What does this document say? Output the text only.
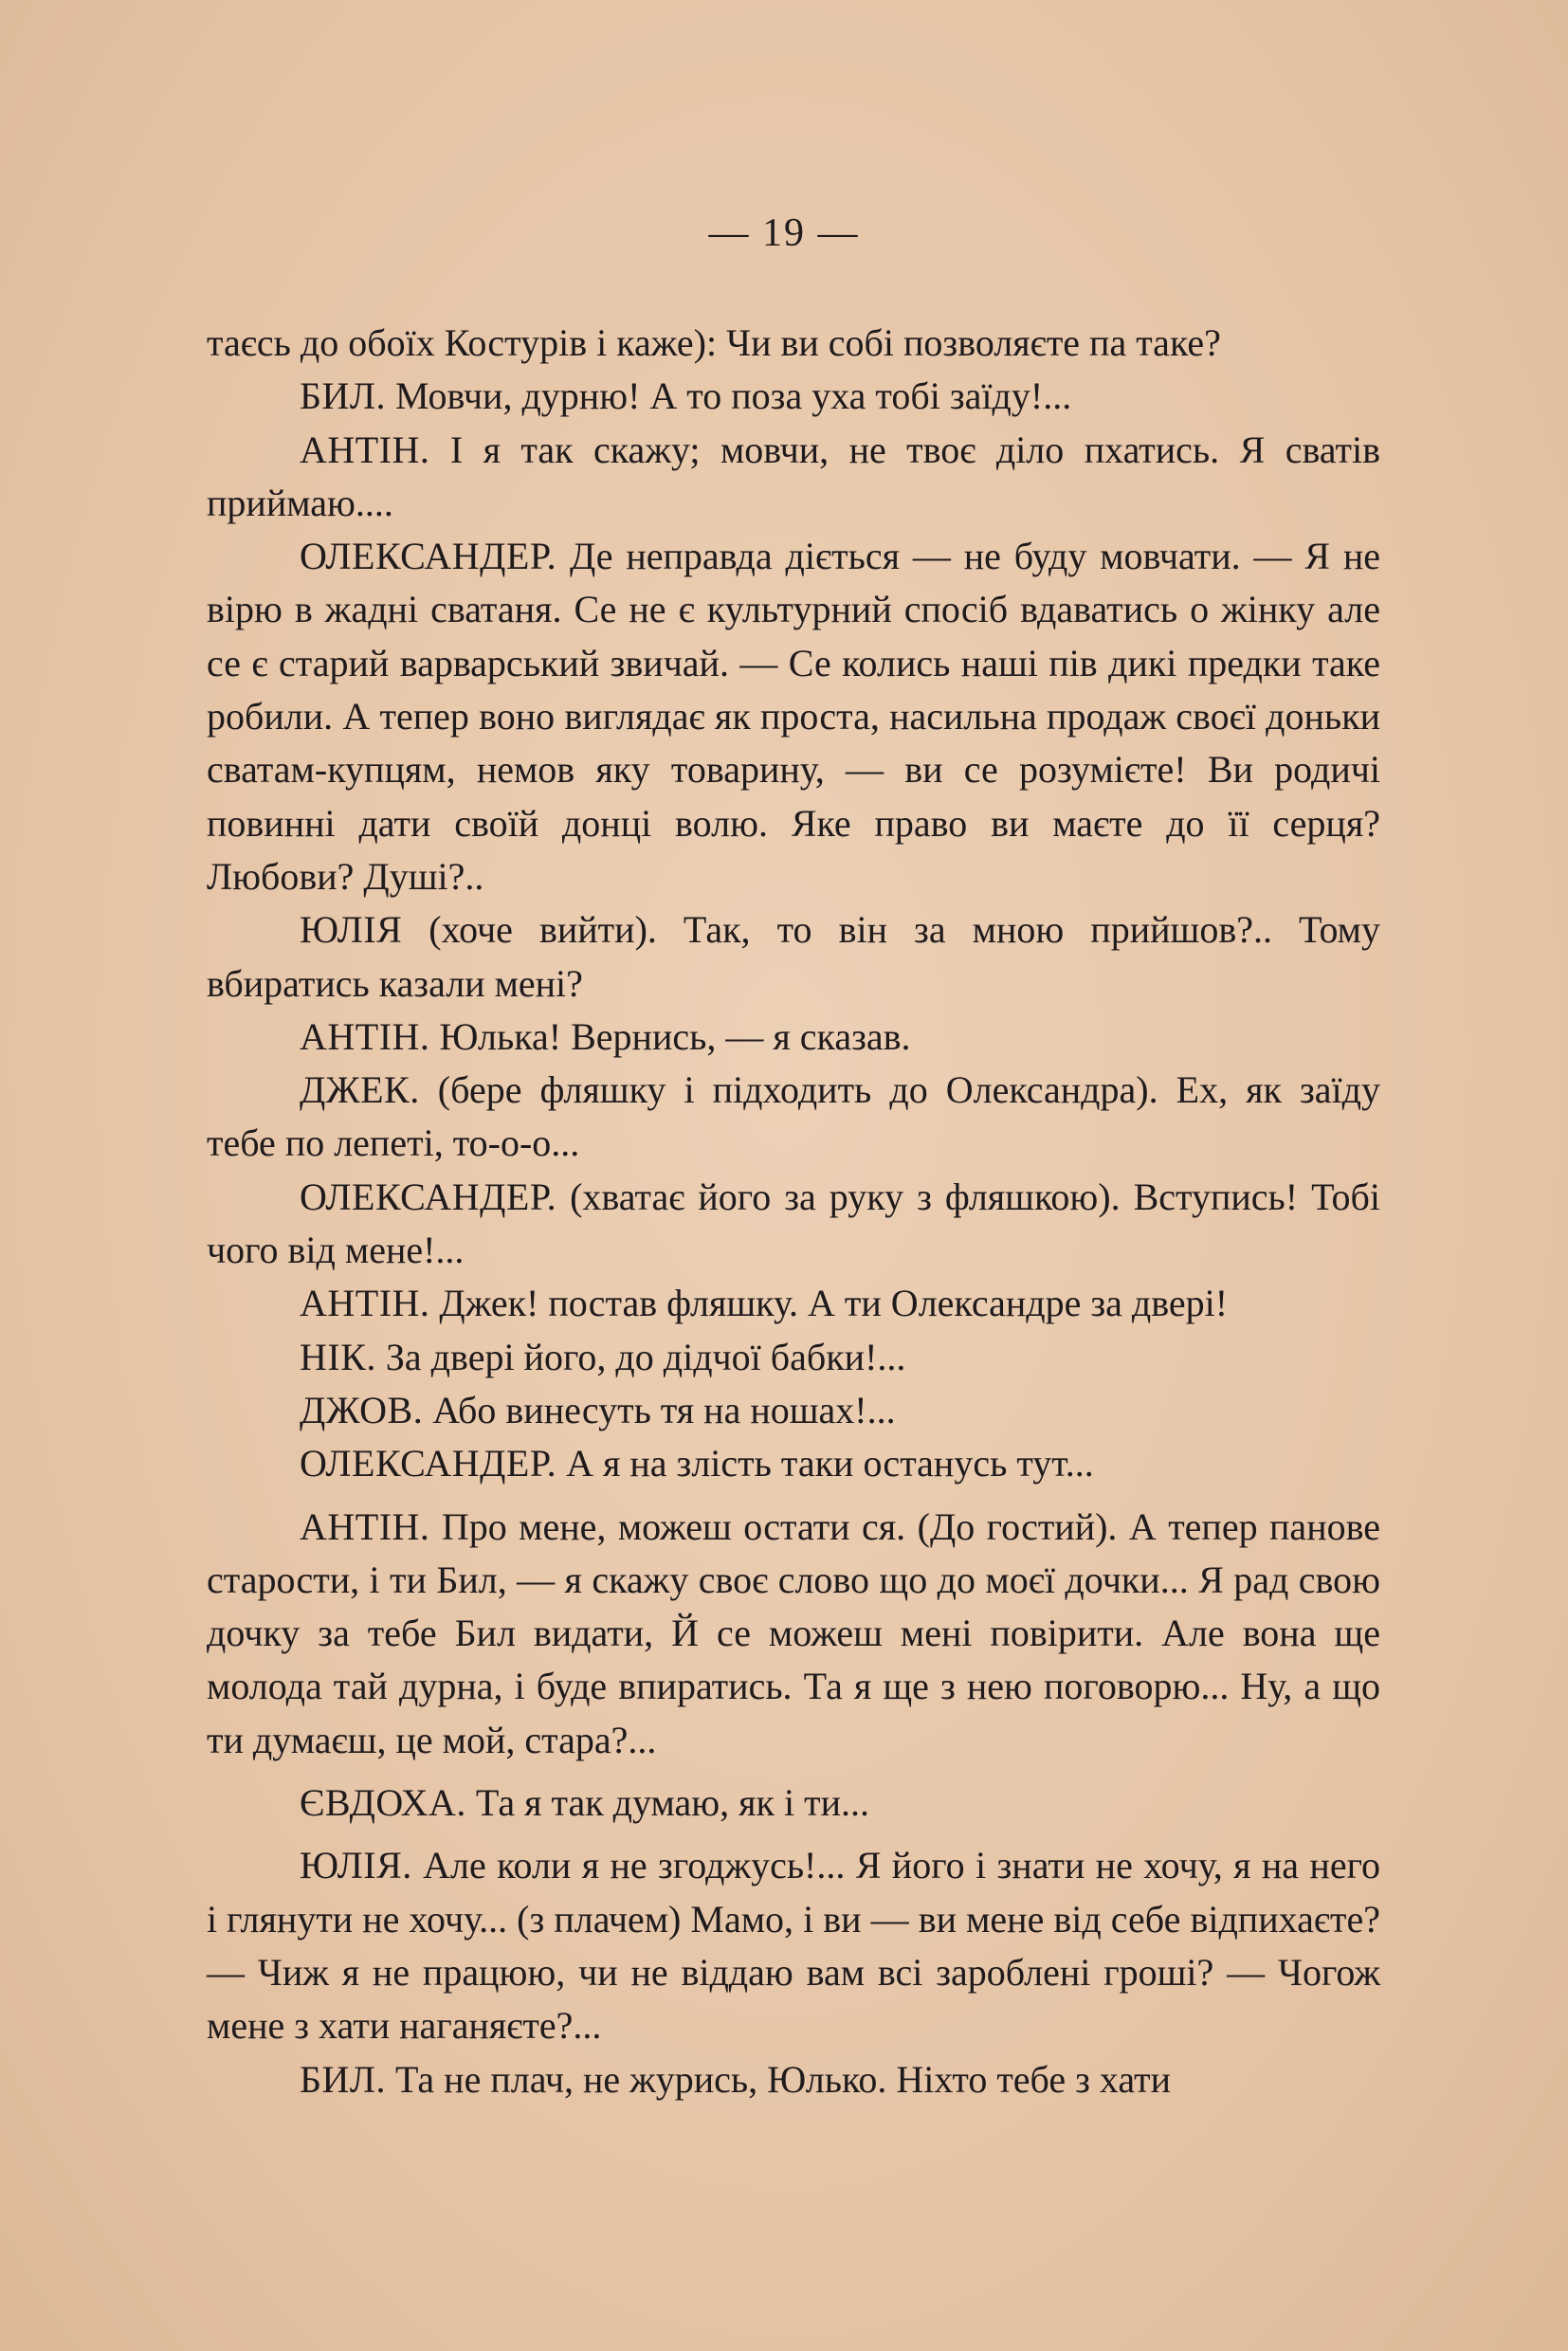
— 19 —

таєсь до обоїх Костурів і каже): Чи ви собі позволяєте па таке?

БИЛ. Мовчи, дурню! А то поза уха тобі заїду!...

АНТІН. І я так скажу; мовчи, не твоє діло пхатись. Я сватів приймаю....

ОЛЕКСАНДЕР. Де неправда діється — не буду мовчати. — Я не вірю в жадні сватаня. Се не є культурний спосіб вдаватись о жінку але се є старий варварський звичай. — Се колись наші пів дикі предки таке робили. А тепер воно виглядає як проста, насильна продаж своєї доньки сватам-купцям, немов яку товарину, — ви се розумієте! Ви родичі повинні дати своїй донці волю. Яке право ви маєте до її серця? Любови? Душі?..

ЮЛІЯ (хоче вийти). Так, то він за мною прийшов?.. Тому вбиратись казали мені?

АНТІН. Юлька! Вернись, — я сказав.

ДЖЕК. (бере фляшку і підходить до Олександра). Ех, як заїду тебе по лепеті, то-о-о...

ОЛЕКСАНДЕР. (хватає його за руку з фляшкою). Вступись! Тобі чого від мене!...

АНТІН. Джек! постав фляшку. А ти Олександре за двері!

НІК. За двері його, до дідчої бабки!...

ДЖОВ. Або винесуть тя на ношах!...

ОЛЕКСАНДЕР. А я на злість таки останусь тут...

АНТІН. Про мене, можеш остати ся. (До гостий). А тепер панове старости, і ти Бил, — я скажу своє слово що до моєї дочки... Я рад свою дочку за тебе Бил видати, Й се можеш мені повірити. Але вона ще молода тай дурна, і буде впиратись. Та я ще з нею поговорю... Ну, а що ти думаєш, це мой, стара?...

ЄВДОХА. Та я так думаю, як і ти...

ЮЛІЯ. Але коли я не згоджусь!... Я його і знати не хочу, я на него і глянути не хочу... (з плачем) Мамо, і ви — ви мене від себе відпихаєте? — Чиж я не працюю, чи не віддаю вам всі зароблені гроші? — Чогож мене з хати наганяєте?...

БИЛ. Та не плач, не журись, Юлько. Ніхто тебе з хати
